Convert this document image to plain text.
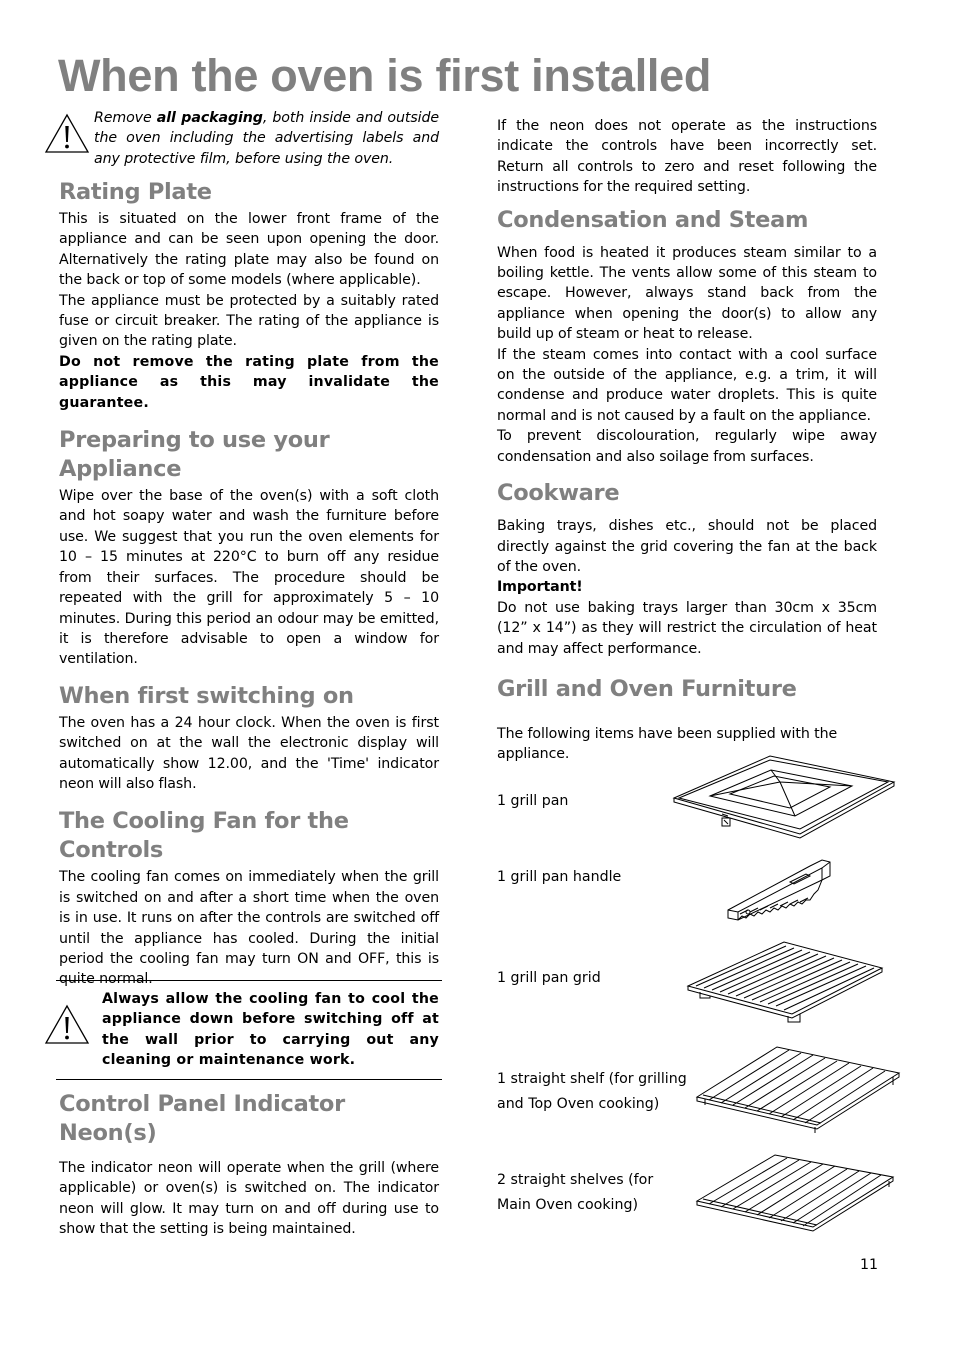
When the oven is first installed

Remove all packaging, both inside and outside the oven including the advertising labels and any protective film, before using the oven.

Rating Plate

This is situated on the lower front frame of the appliance and can be seen upon opening the door. Alternatively the rating plate may also be found on the back or top of some models (where applicable).

The appliance must be protected by a suitably rated fuse or circuit breaker. The rating of the appliance is given on the rating plate.

Do not remove the rating plate from the appliance as this may invalidate the guarantee.

Preparing to use your Appliance

Wipe over the base of the oven(s) with a soft cloth and hot soapy water and wash the furniture before use. We suggest that you run the oven elements for 10 – 15 minutes at 220°C to burn off any residue from their surfaces. The procedure should be repeated with the grill for approximately 5 – 10 minutes. During this period an odour may be emitted, it is therefore advisable to open a window for ventilation.

When first switching on

The oven has a 24 hour clock. When the oven is first switched on at the wall the electronic display will automatically show 12.00, and the 'Time' indicator neon will also flash.

The Cooling Fan for the
Controls

The cooling fan comes on immediately when the grill is switched on and after a short time when the oven is in use. It runs on after the controls are switched off until the appliance has cooled. During the initial period the cooling fan may turn ON and OFF, this is quite normal.

Always allow the cooling fan to cool the appliance down before switching off at the wall prior to carrying out any cleaning or maintenance work.

Control Panel Indicator Neon(s)

The indicator neon will operate when the grill (where applicable) or oven(s) is switched on. The indicator neon will glow. It may turn on and off during use to show that the setting is being maintained.

If the neon does not operate as the instructions indicate the controls have been incorrectly set. Return all controls to zero and reset following the instructions for the required setting.

Condensation and Steam

When food is heated it produces steam similar to a boiling kettle. The vents allow some of this steam to escape. However, always stand back from the appliance when opening the door(s) to allow any build up of steam or heat to release.

If the steam comes into contact with a cool surface on the outside of the appliance, e.g. a trim, it will condense and produce water droplets. This is quite normal and is not caused by a fault on the appliance.

To prevent discolouration, regularly wipe away condensation and also soilage from surfaces.

Cookware

Baking trays, dishes etc., should not be placed directly against the grid covering the fan at the back of the oven.

Important!

Do not use baking trays larger than 30cm x 35cm (12” x 14”) as they will restrict the circulation of heat and may affect performance.

Grill and Oven Furniture

The following items have been supplied with the appliance.

1 grill pan
1 grill pan handle
1 grill pan grid
1 straight shelf (for grilling
and Top Oven cooking)
2 straight shelves (for
Main Oven cooking)
11
